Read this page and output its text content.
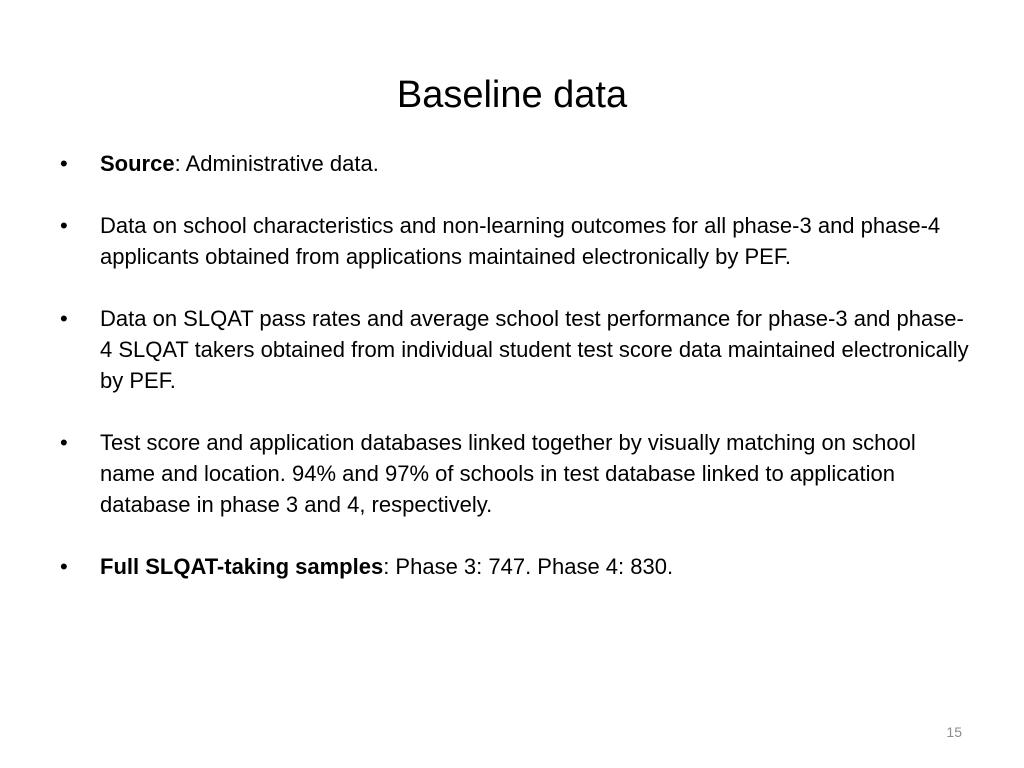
Baseline data
•	Source: Administrative data.
•	Data on school characteristics and non-learning outcomes for all phase-3 and phase-4 applicants obtained from applications maintained electronically by PEF.
•	Data on SLQAT pass rates and average school test performance for phase-3 and phase-4 SLQAT takers obtained from individual student test score data maintained electronically by PEF.
•	Test score and application databases linked together by visually matching on school name and location. 94% and 97% of schools in test database linked to application database in phase 3 and 4, respectively.
•	Full SLQAT-taking samples: Phase 3: 747. Phase 4: 830.
15
